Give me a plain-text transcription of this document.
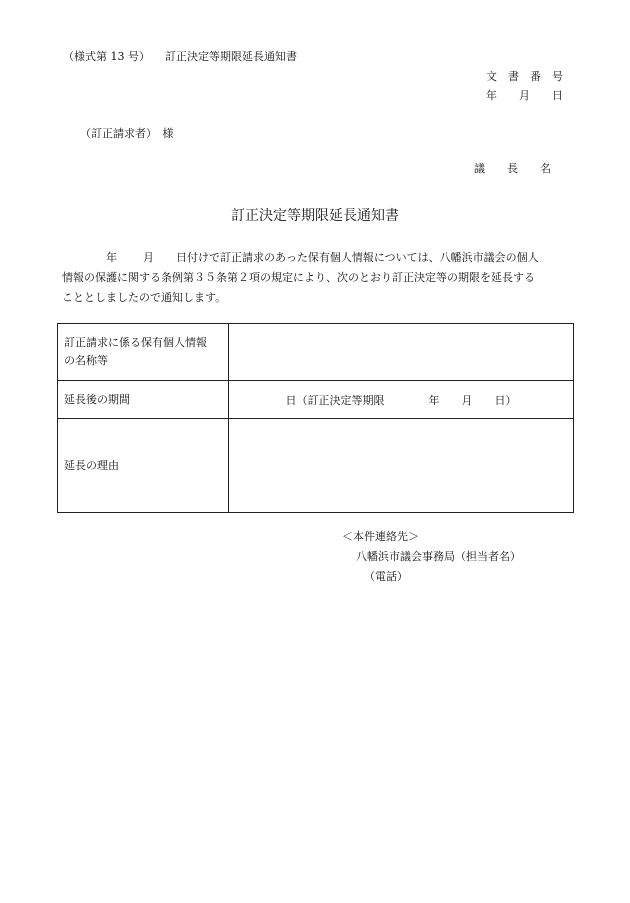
（様式第 13 号） 訂正決定等期限延長通知書
文　書　番　号
年　　月　　日
（訂正請求者）　様
議　　長　　名
訂正決定等期限延長通知書
年 月 日付けで訂正請求のあった保有個人情報については、八幡浜市議会の個人
情報の保護に関する条例第３５条第２項の規定により、次のとおり訂正決定等の期限を延長する
こととしましたので通知します。
訂正請求に係る保有個人情報
の名称等	

延長後の期間	日（訂正決定等期限　　　　年　　月　　日）
延長の理由	
＜本件連絡先＞
八幡浜市議会事務局（担当者名）
（電話）
